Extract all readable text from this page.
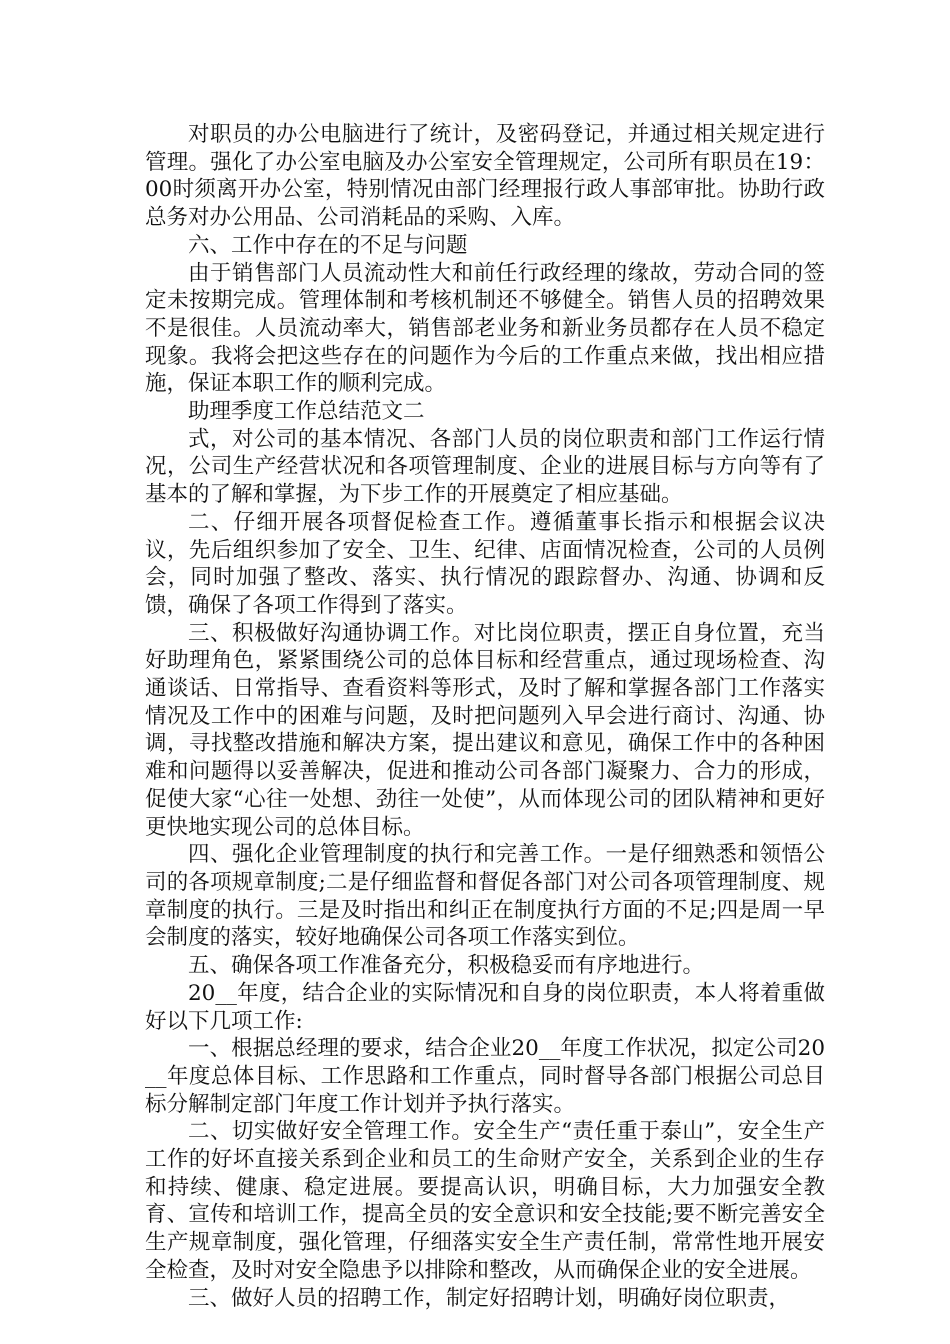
对职员的办公电脑进行了统计，及密码登记，并通过相关规定进行管理。强化了办公室电脑及办公室安全管理规定，公司所有职员在19：00时须离开办公室，特别情况由部门经理报行政人事部审批。协助行政总务对办公用品、公司消耗品的采购、入库。

六、工作中存在的不足与问题

由于销售部门人员流动性大和前任行政经理的缘故，劳动合同的签定未按期完成。管理体制和考核机制还不够健全。销售人员的招聘效果不是很佳。人员流动率大，销售部老业务和新业务员都存在人员不稳定现象。我将会把这些存在的问题作为今后的工作重点来做，找出相应措施，保证本职工作的顺利完成。

助理季度工作总结范文二

式，对公司的基本情况、各部门人员的岗位职责和部门工作运行情况，公司生产经营状况和各项管理制度、企业的进展目标与方向等有了基本的了解和掌握，为下步工作的开展奠定了相应基础。

二、仔细开展各项督促检查工作。遵循董事长指示和根据会议决议，先后组织参加了安全、卫生、纪律、店面情况检查，公司的人员例会，同时加强了整改、落实、执行情况的跟踪督办、沟通、协调和反馈，确保了各项工作得到了落实。

三、积极做好沟通协调工作。对比岗位职责，摆正自身位置，充当好助理角色，紧紧围绕公司的总体目标和经营重点，通过现场检查、沟通谈话、日常指导、查看资料等形式，及时了解和掌握各部门工作落实情况及工作中的困难与问题，及时把问题列入早会进行商讨、沟通、协调，寻找整改措施和解决方案，提出建议和意见，确保工作中的各种困难和问题得以妥善解决，促进和推动公司各部门凝聚力、合力的形成，促使大家“心往一处想、劲往一处使”，从而体现公司的团队精神和更好更快地实现公司的总体目标。

四、强化企业管理制度的执行和完善工作。一是仔细熟悉和领悟公司的各项规章制度;二是仔细监督和督促各部门对公司各项管理制度、规章制度的执行。三是及时指出和纠正在制度执行方面的不足;四是周一早会制度的落实，较好地确保公司各项工作落实到位。

五、确保各项工作准备充分，积极稳妥而有序地进行。

20__年度，结合企业的实际情况和自身的岗位职责，本人将着重做好以下几项工作:

一、根据总经理的要求，结合企业20__年度工作状况，拟定公司20__年度总体目标、工作思路和工作重点，同时督导各部门根据公司总目标分解制定部门年度工作计划并予执行落实。

二、切实做好安全管理工作。安全生产“责任重于泰山”，安全生产工作的好坏直接关系到企业和员工的生命财产安全，关系到企业的生存和持续、健康、稳定进展。要提高认识，明确目标，大力加强安全教育、宣传和培训工作，提高全员的安全意识和安全技能;要不断完善安全生产规章制度，强化管理，仔细落实安全生产责任制，常常性地开展安全检查，及时对安全隐患予以排除和整改，从而确保企业的安全进展。

三、做好人员的招聘工作，制定好招聘计划，明确好岗位职责，
